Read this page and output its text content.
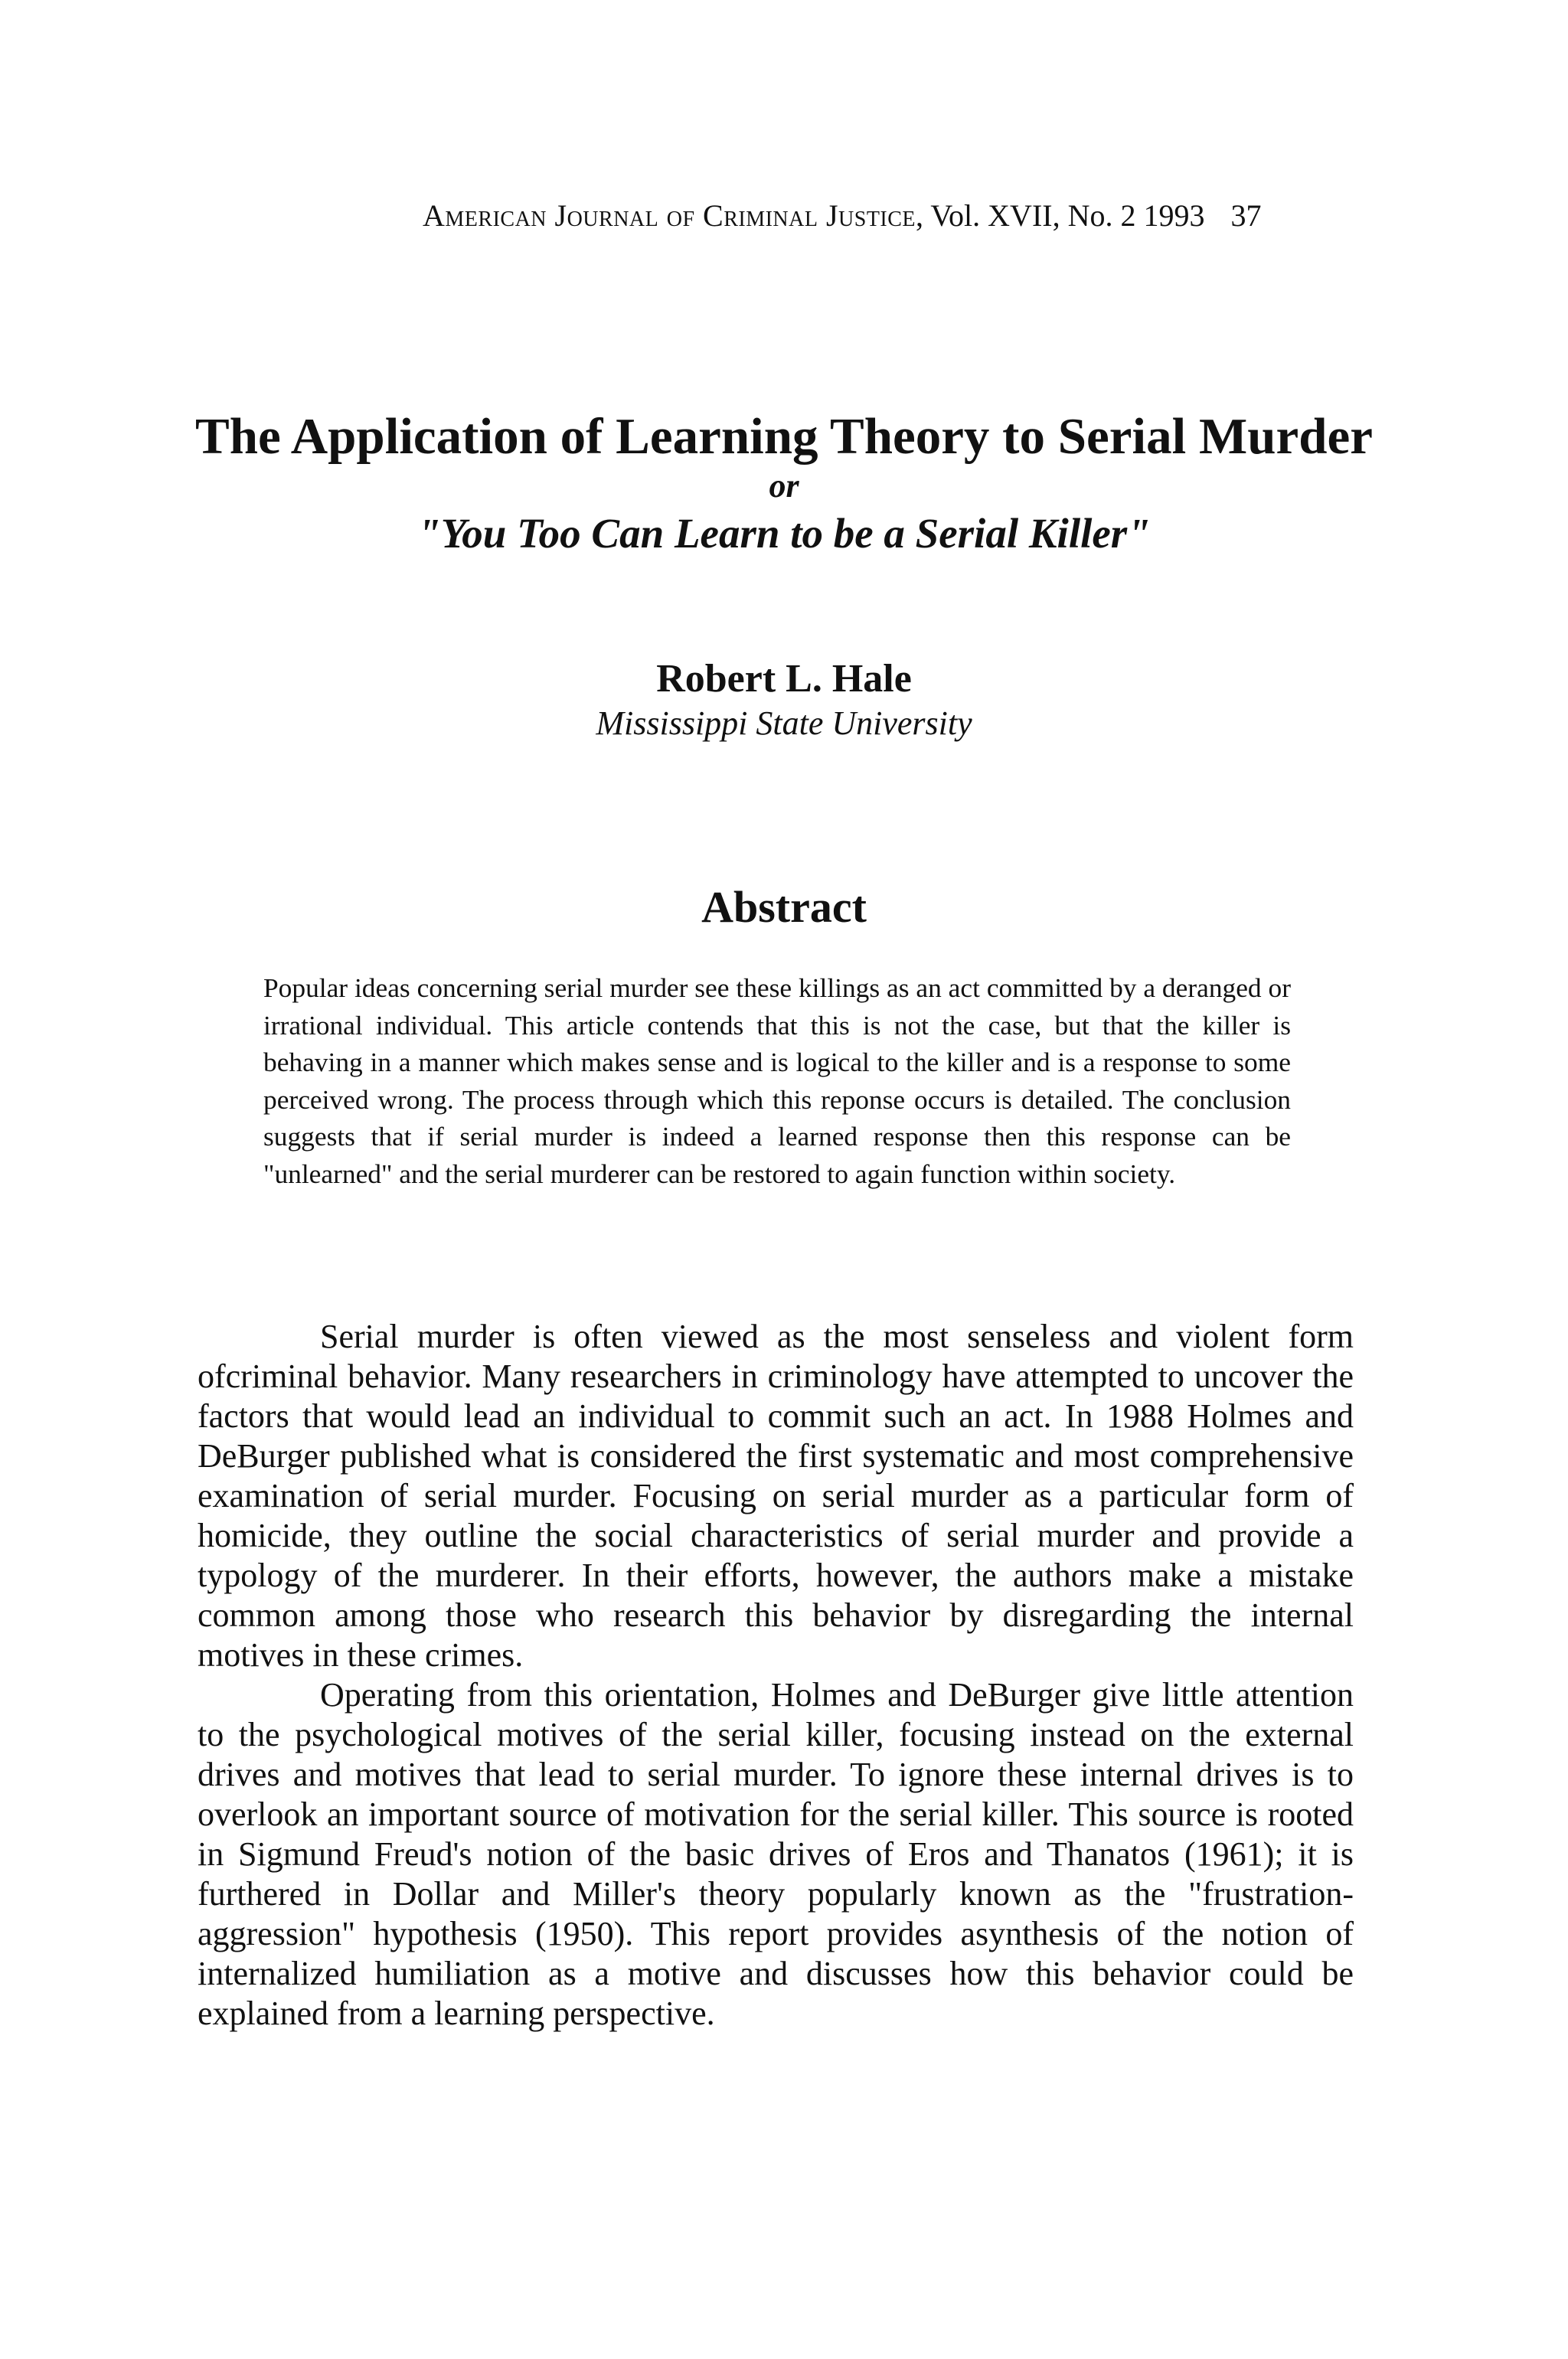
American Journal of Criminal Justice, Vol. XVII, No. 2 1993 37
The Application of Learning Theory to Serial Murder
or
"You Too Can Learn to be a Serial Killer"
Robert L. Hale
Mississippi State University
Abstract
Popular ideas concerning serial murder see these killings as an act committed by a deranged or irrational individual. This article contends that this is not the case, but that the killer is behaving in a manner which makes sense and is logical to the killer and is a response to some perceived wrong. The process through which this reponse occurs is detailed. The conclusion suggests that if serial murder is indeed a learned response then this response can be "unlearned" and the serial murderer can be restored to again function within society.

Serial murder is often viewed as the most senseless and violent form ofcriminal behavior. Many researchers in criminology have attempted to uncover the factors that would lead an individual to commit such an act. In 1988 Holmes and DeBurger published what is considered the first systematic and most comprehensive examination of serial murder. Focusing on serial murder as a particular form of homicide, they outline the social characteristics of serial murder and provide a typology of the murderer. In their efforts, however, the authors make a mistake common among those who research this behavior by disregarding the internal motives in these crimes.

Operating from this orientation, Holmes and DeBurger give little attention to the psychological motives of the serial killer, focusing instead on the external drives and motives that lead to serial murder. To ignore these internal drives is to overlook an important source of motivation for the serial killer. This source is rooted in Sigmund Freud's notion of the basic drives of Eros and Thanatos (1961); it is furthered in Dollar and Miller's theory popularly known as the "frustration-aggression" hypothesis (1950). This report provides asynthesis of the notion of internalized humiliation as a motive and discusses how this behavior could be explained from a learning perspective.
